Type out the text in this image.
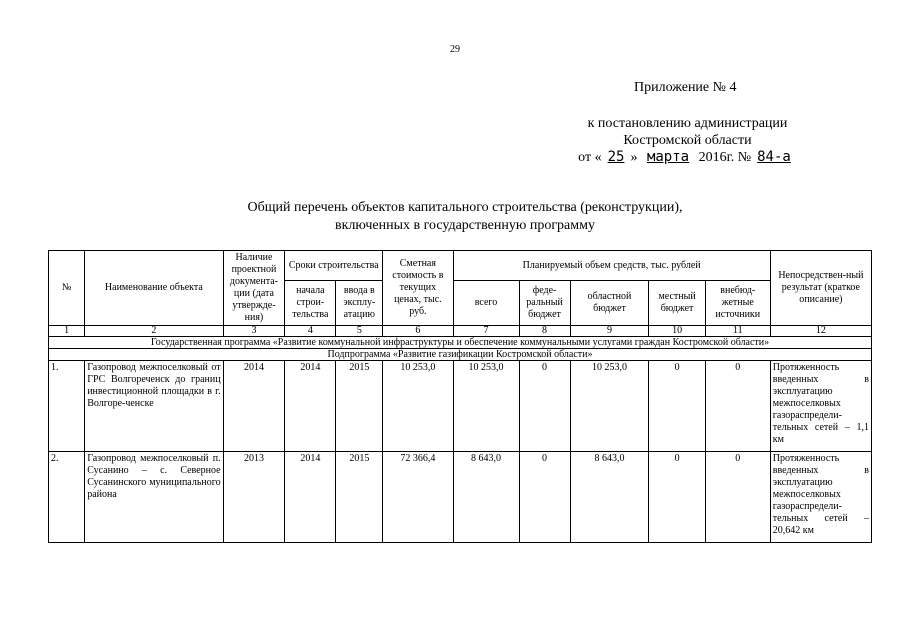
29
Приложение № 4
к постановлению администрации
Костромской области
от « 25 » марта 2016г. № 84-а
Общий перечень объектов капитального строительства (реконструкции),
включенных в государственную программу
№	Наименование объекта	Наличие проектной документа-ции (дата утвержде-ния)	Сроки строительства		Сметная стоимость в текущих ценах, тыс. руб.	Планируемый объем средств, тыс. рублей					Непосредствен-ный результат (краткое описание)
			начала строи-тельства	ввода в эксплу-атацию		всего	феде-ральный бюджет	областной бюджет	местный бюджет	внебюд-жетные источники	
1	2	3	4	5	6	7	8	9	10	11	12
Государственная программа «Развитие коммунальной инфраструктуры и обеспечение коммунальными услугами граждан Костромской области»											
Подпрограмма «Развитие газификации Костромской области»											
1.	Газопровод межпоселковый от ГРС Волгореченск до границ инвестиционной площадки в г. Волгоре-ченске	2014	2014	2015	10 253,0	10 253,0	0	10 253,0	0	0	Протяженность введенных в эксплуатацию межпоселковых газораспредели-тельных сетей – 1,1 км
2.	Газопровод межпоселковый п. Сусанино – с. Северное Сусанинского муниципального района	2013	2014	2015	72 366,4	8 643,0	0	8 643,0	0	0	Протяженность введенных в эксплуатацию межпоселковых газораспредели-тельных сетей – 20,642 км
